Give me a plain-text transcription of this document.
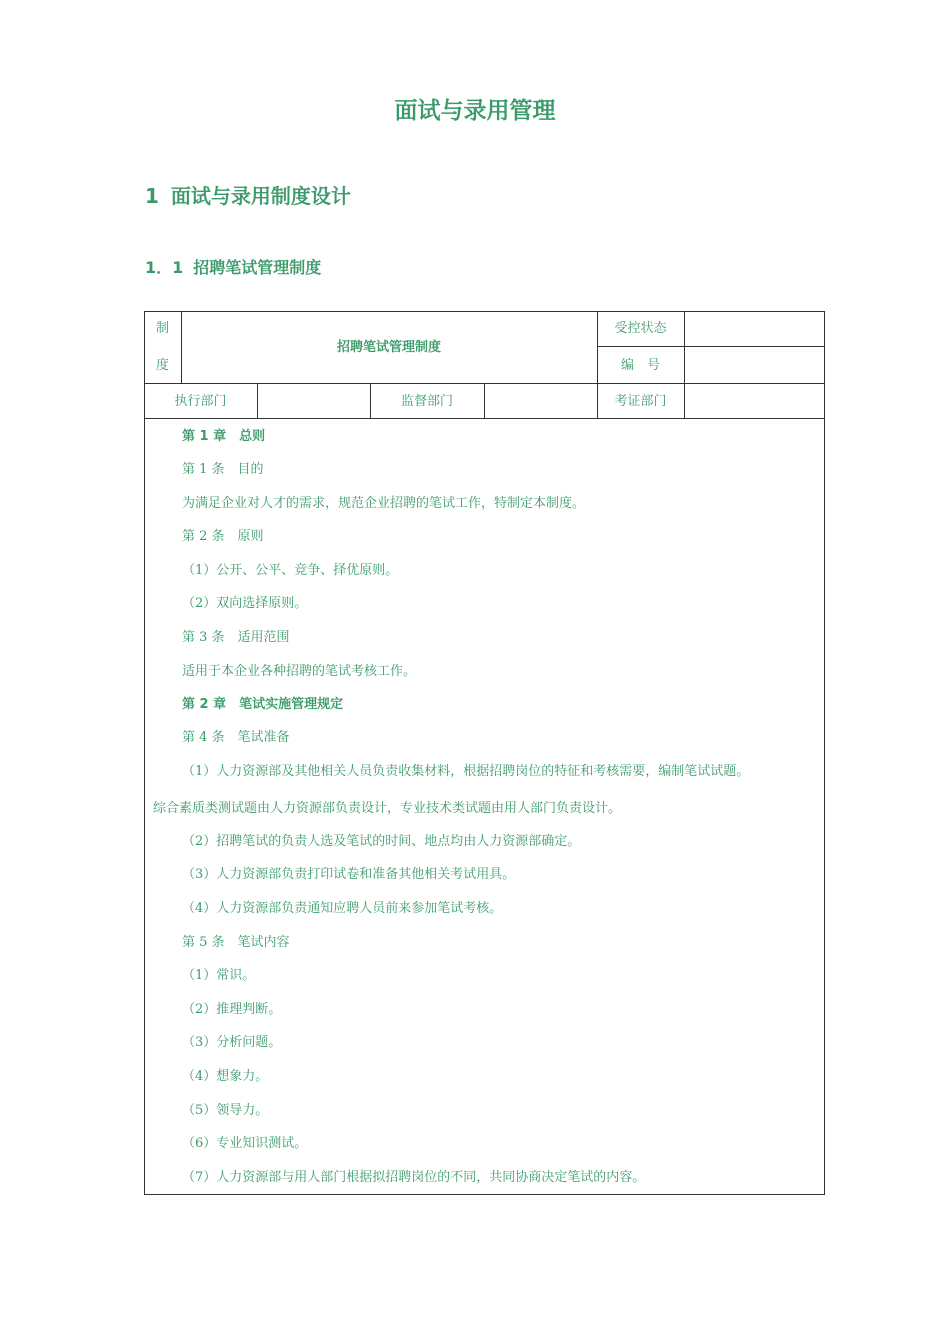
面试与录用管理
1 面试与录用制度设计
1．1 招聘笔试管理制度
制
度
招聘笔试管理制度
受控状态
编　号
执行部门	监督部门	考证部门
第 1 章　总则
第 1 条　目的
为满足企业对人才的需求，规范企业招聘的笔试工作，特制定本制度。
第 2 条　原则
（1）公开、公平、竞争、择优原则。
（2）双向选择原则。
第 3 条　适用范围
适用于本企业各种招聘的笔试考核工作。
第 2 章　笔试实施管理规定
第 4 条　笔试准备
（1）人力资源部及其他相关人员负责收集材料，根据招聘岗位的特征和考核需要，编制笔试试题。
综合素质类测试题由人力资源部负责设计，专业技术类试题由用人部门负责设计。
（2）招聘笔试的负责人选及笔试的时间、地点均由人力资源部确定。
（3）人力资源部负责打印试卷和准备其他相关考试用具。
（4）人力资源部负责通知应聘人员前来参加笔试考核。
第 5 条　笔试内容
（1）常识。
（2）推理判断。
（3）分析问题。
（4）想象力。
（5）领导力。
（6）专业知识测试。
（7）人力资源部与用人部门根据拟招聘岗位的不同，共同协商决定笔试的内容。
